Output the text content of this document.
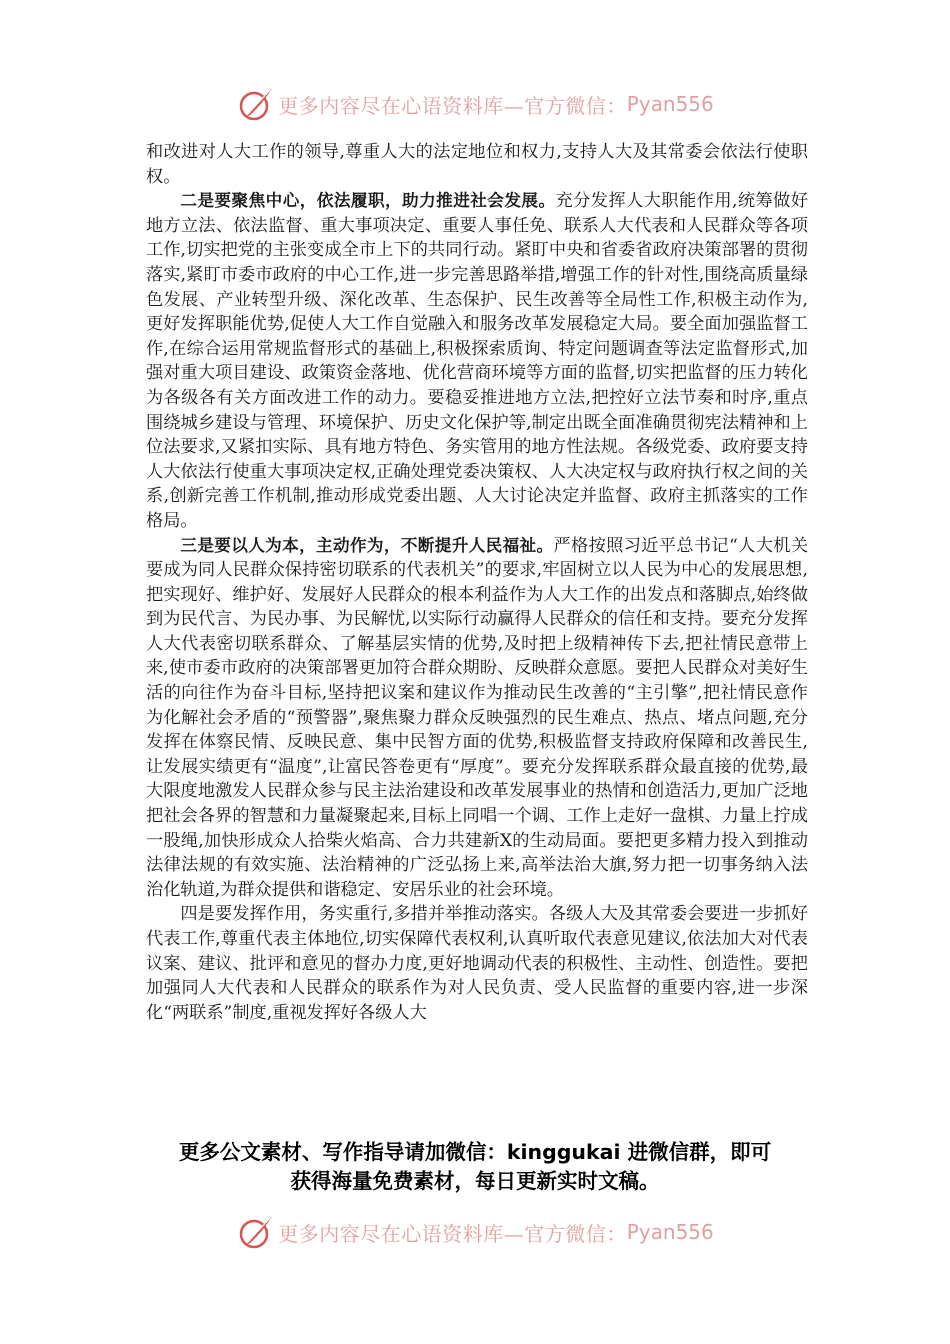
更多内容尽在心语资料库—官方微信： Pyan556

和改进对人大工作的领导,尊重人大的法定地位和权力,支持人大及其常委会依法行使职权。

二是要聚焦中心，依法履职，助力推进社会发展。充分发挥人大职能作用,统筹做好地方立法、依法监督、重大事项决定、重要人事任免、联系人大代表和人民群众等各项工作,切实把党的主张变成全市上下的共同行动。紧盯中央和省委省政府决策部署的贯彻落实,紧盯市委市政府的中心工作,进一步完善思路举措,增强工作的针对性,围绕高质量绿色发展、产业转型升级、深化改革、生态保护、民生改善等全局性工作,积极主动作为,更好发挥职能优势,促使人大工作自觉融入和服务改革发展稳定大局。要全面加强监督工作,在综合运用常规监督形式的基础上,积极探索质询、特定问题调查等法定监督形式,加强对重大项目建设、政策资金落地、优化营商环境等方面的监督,切实把监督的压力转化为各级各有关方面改进工作的动力。要稳妥推进地方立法,把控好立法节奏和时序,重点围绕城乡建设与管理、环境保护、历史文化保护等,制定出既全面准确贯彻宪法精神和上位法要求,又紧扣实际、具有地方特色、务实管用的地方性法规。各级党委、政府要支持人大依法行使重大事项决定权,正确处理党委决策权、人大决定权与政府执行权之间的关系,创新完善工作机制,推动形成党委出题、人大讨论决定并监督、政府主抓落实的工作格局。

三是要以人为本，主动作为，不断提升人民福祉。严格按照习近平总书记“人大机关要成为同人民群众保持密切联系的代表机关”的要求,牢固树立以人民为中心的发展思想,把实现好、维护好、发展好人民群众的根本利益作为人大工作的出发点和落脚点,始终做到为民代言、为民办事、为民解忧,以实际行动赢得人民群众的信任和支持。要充分发挥人大代表密切联系群众、了解基层实情的优势,及时把上级精神传下去,把社情民意带上来,使市委市政府的决策部署更加符合群众期盼、反映群众意愿。要把人民群众对美好生活的向往作为奋斗目标,坚持把议案和建议作为推动民生改善的“主引擎”,把社情民意作为化解社会矛盾的“预警器”,聚焦聚力群众反映强烈的民生难点、热点、堵点问题,充分发挥在体察民情、反映民意、集中民智方面的优势,积极监督支持政府保障和改善民生,让发展实绩更有“温度”,让富民答卷更有“厚度”。要充分发挥联系群众最直接的优势,最大限度地激发人民群众参与民主法治建设和改革发展事业的热情和创造活力,更加广泛地把社会各界的智慧和力量凝聚起来,目标上同唱一个调、工作上走好一盘棋、力量上拧成一股绳,加快形成众人拾柴火焰高、合力共建新X的生动局面。要把更多精力投入到推动法律法规的有效实施、法治精神的广泛弘扬上来,高举法治大旗,努力把一切事务纳入法治化轨道,为群众提供和谐稳定、安居乐业的社会环境。

四是要发挥作用，务实重行,多措并举推动落实。各级人大及其常委会要进一步抓好代表工作,尊重代表主体地位,切实保障代表权利,认真听取代表意见建议,依法加大对代表议案、建议、批评和意见的督办力度,更好地调动代表的积极性、主动性、创造性。要把加强同人大代表和人民群众的联系作为对人民负责、受人民监督的重要内容,进一步深化“两联系”制度,重视发挥好各级人大

更多公文素材、写作指导请加微信：kinggukai 进微信群，即可
获得海量免费素材，每日更新实时文稿。
更多内容尽在心语资料库—官方微信： Pyan556
